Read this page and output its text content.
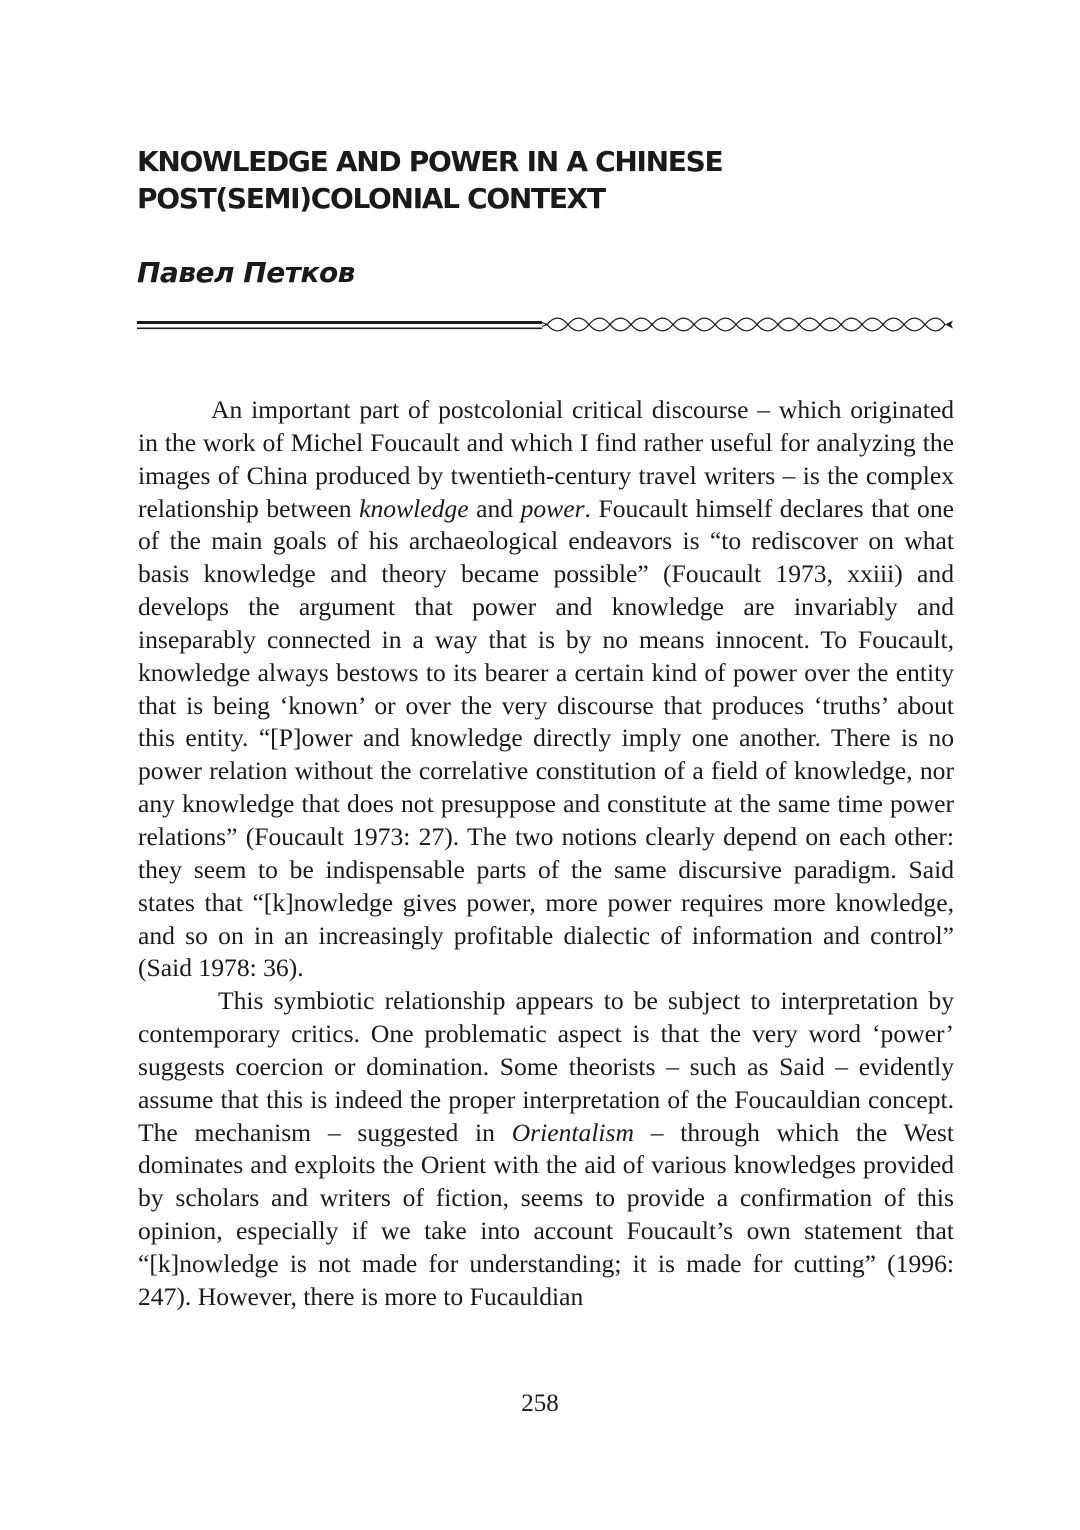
KNOWLEDGE AND POWER IN A CHINESE
POST(SEMI)COLONIAL CONTEXT
Павел Петков

An important part of postcolonial critical discourse – which originated in the work of Michel Foucault and which I find rather useful for analyzing the images of China produced by twentieth-century travel writers – is the complex relationship between knowledge and power. Foucault himself declares that one of the main goals of his archaeological endeavors is “to rediscover on what basis knowledge and theory became possible” (Foucault 1973, xxiii) and develops the argument that power and knowledge are invariably and inseparably connected in a way that is by no means innocent. To Foucault, knowledge always bestows to its bearer a certain kind of power over the entity that is being ‘known’ or over the very discourse that produces ‘truths’ about this entity. “[P]ower and knowledge directly imply one another. There is no power relation without the correlative constitution of a field of knowledge, nor any knowledge that does not presuppose and constitute at the same time power relations” (Foucault 1973: 27). The two notions clearly depend on each other: they seem to be indispensable parts of the same discursive paradigm. Said states that “[k]nowledge gives power, more power requires more knowledge, and so on in an increasingly profitable dialectic of information and control” (Said 1978: 36).

This symbiotic relationship appears to be subject to interpretation by contemporary critics. One problematic aspect is that the very word ‘power’ suggests coercion or domination. Some theorists – such as Said – evidently assume that this is indeed the proper interpretation of the Foucauldian concept. The mechanism – suggested in Orientalism – through which the West dominates and exploits the Orient with the aid of various knowledges provided by scholars and writers of fiction, seems to provide a confirmation of this opinion, especially if we take into account Foucault’s own statement that “[k]nowledge is not made for understanding; it is made for cutting” (1996: 247). However, there is more to Fucauldian

258
